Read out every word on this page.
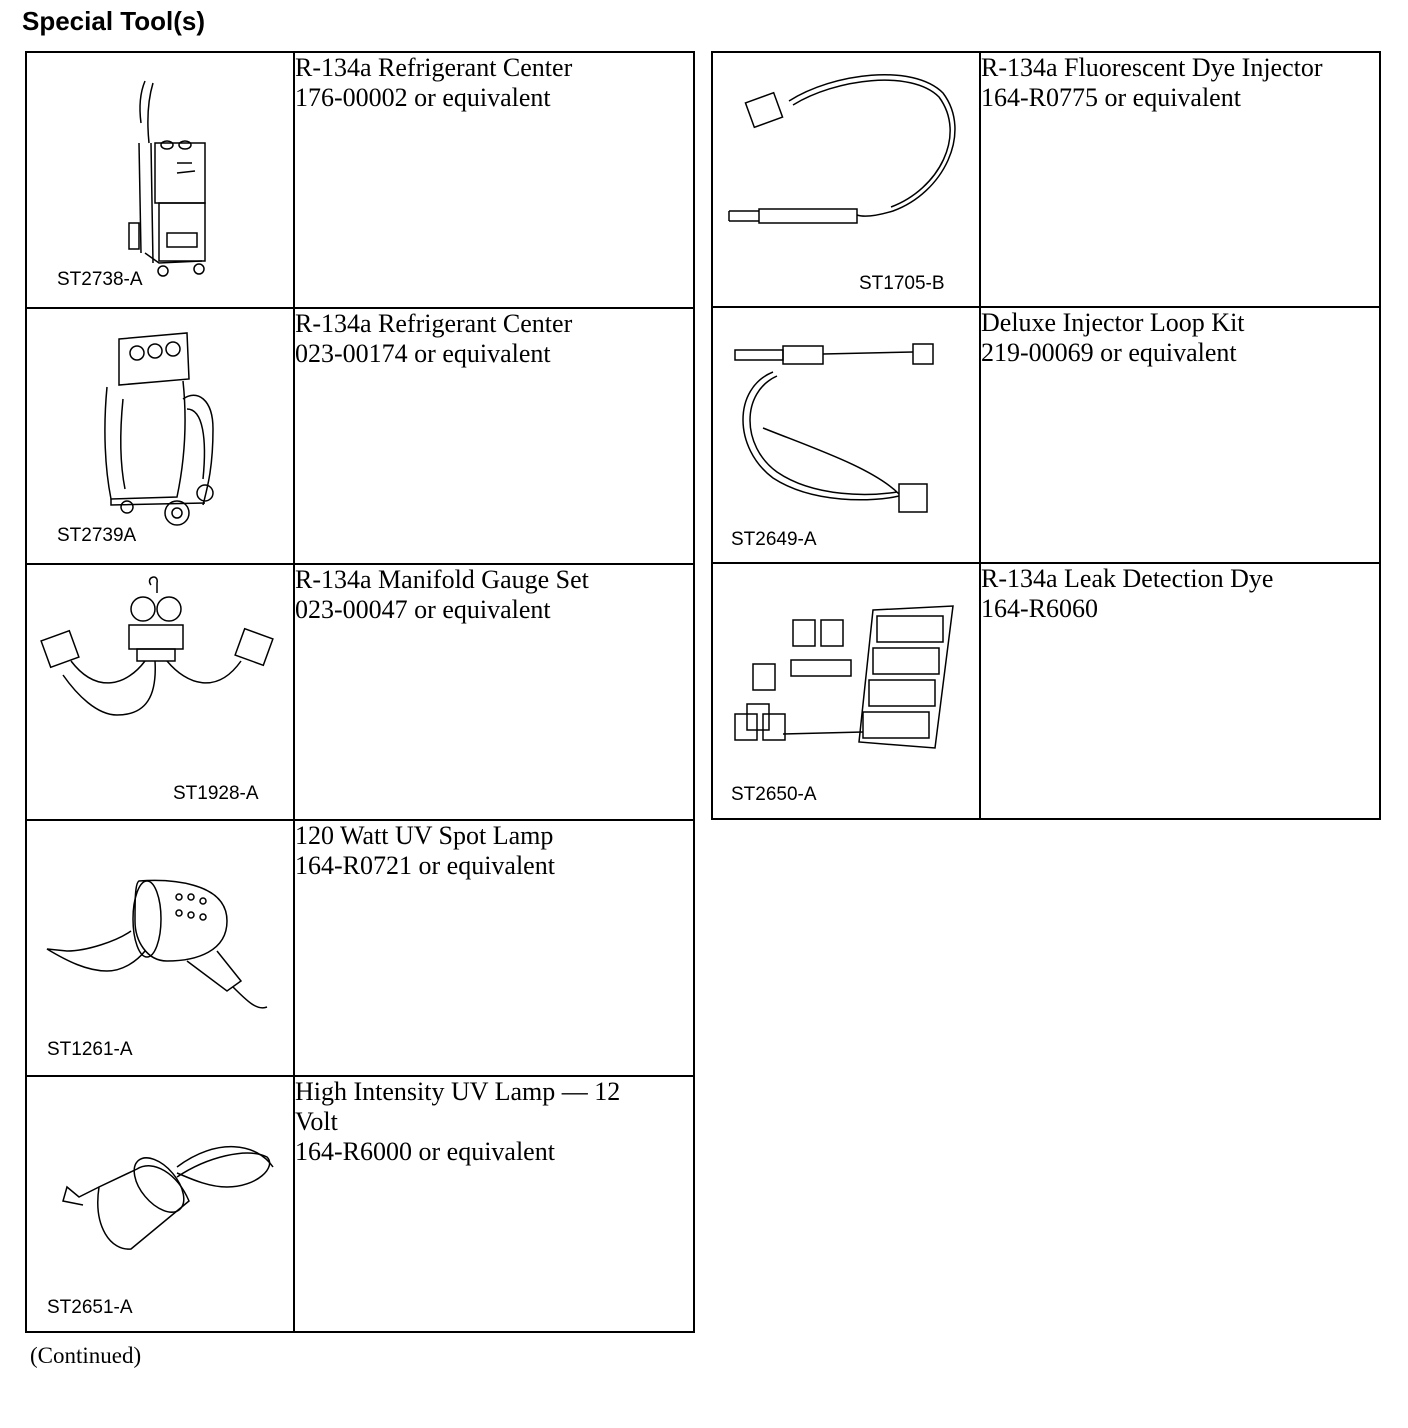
Special Tool(s)
ST2738-A	R-134a Refrigerant Center
176-00002 or equivalent

ST2739A	R-134a Refrigerant Center
023-00174 or equivalent

ST1928-A	R-134a Manifold Gauge Set
023-00047 or equivalent

ST1261-A	120 Watt UV Spot Lamp
164-R0721 or equivalent

ST2651-A	High Intensity UV Lamp — 12
Volt
164-R6000 or equivalent
ST1705-B	R-134a Fluorescent Dye Injector
164-R0775 or equivalent

ST2649-A	Deluxe Injector Loop Kit
219-00069 or equivalent

ST2650-A	R-134a Leak Detection Dye
164-R6060
(Continued)
